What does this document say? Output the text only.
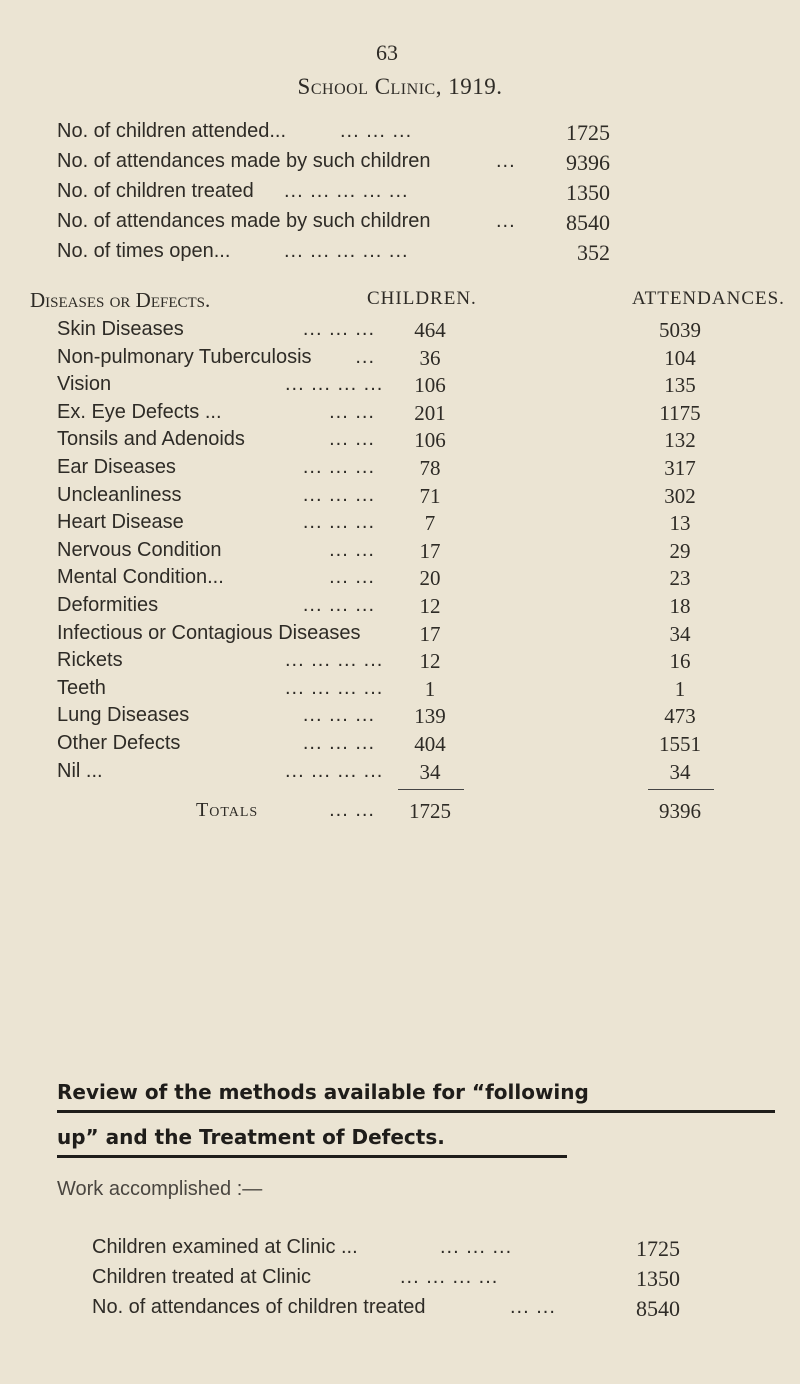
63
School Clinic, 1919.
No. of children attended...	... ... ...	1725
No. of attendances made by such children	...	9396
No. of children treated ... ... ... ... ...	1350
No. of attendances made by such children	...	8540
No. of times open...	... ... ... ... ...	352
Diseases or Defects.	CHILDREN.	ATTENDANCES.
Skin Diseases	... ... ...	464	5039
Non-pulmonary Tuberculosis	...	36	104
Vision	... ... ... ...	106	135
Ex. Eye Defects ...	... ...	201	1175
Tonsils and Adenoids	... ...	106	132
Ear Diseases	... ... ...	78	317
Uncleanliness	... ... ...	71	302
Heart Disease	... ... ...	7	13
Nervous Condition	... ...	17	29
Mental Condition...	... ...	20	23
Deformities	... ... ...	12	18
Infectious or Contagious Diseases	17	34
Rickets	... ... ... ...	12	16
Teeth	... ... ... ...	1	1
Lung Diseases	... ... ...	139	473
Other Defects	... ... ...	404	1551
Nil ...	... ... ... ...	34	34
Totals	... ...	1725	9396
Review of the methods available for “following
up” and the Treatment of Defects.
Work accomplished :—
Children examined at Clinic ...	... ... ...	1725
Children treated at Clinic	... ... ... ...	1350
No. of attendances of children treated	... ...	8540
